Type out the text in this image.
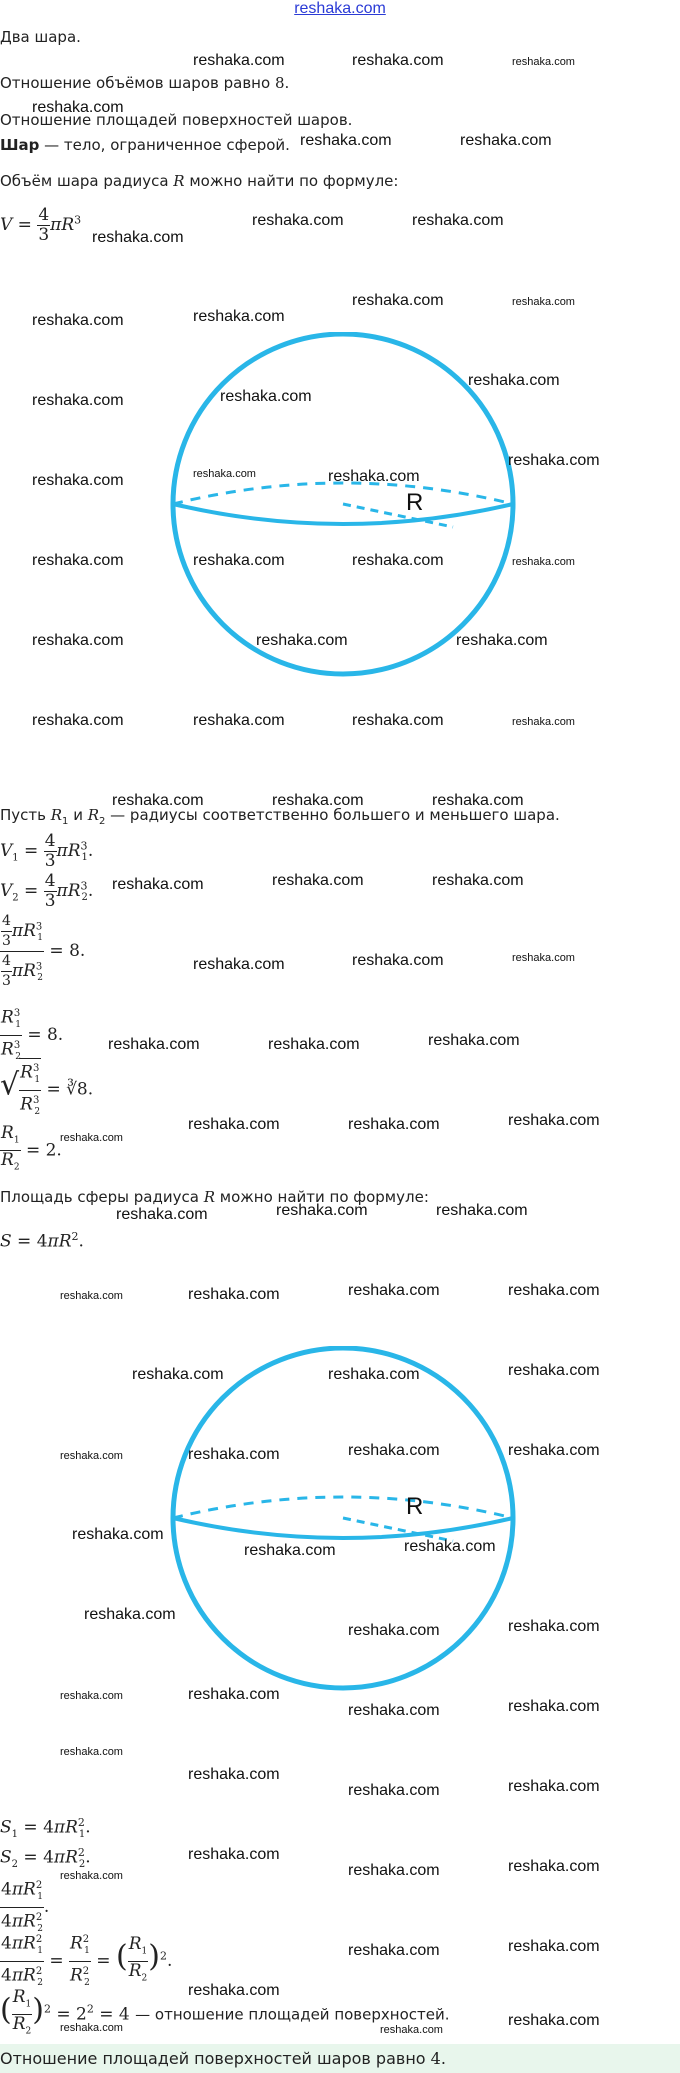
reshaka.com
Два шара.
Отношение объёмов шаров равно 8.
Отношение площадей поверхностей шаров.
Шар — тело, ограниченное сферой.
Объём шара радиуса R можно найти по формуле:
$V = \frac{4}{3} \pi R^3$
R
Пусть $R_1$ и $R_2$ — радиусы соответственно большего и меньшего шара.
$V_1 = \frac{4}{3} \pi R^3_1$.
$V_2 = \frac{4}{3} \pi R^3_2$.
$\frac{\frac{4}{3} \pi R^3_1}{\frac{4}{3} \pi R^3_2} = 8$.
$\frac{R^3_1}{R^3_2} = 8$.
√ $\frac{R^3_1}{R^3_2}$ = ∛8.
$\frac{R_1}{R_2} = 2$.
Площадь сферы радиуса R можно найти по формуле:
$S = 4\pi R^2$.
R
$S_1 = 4\pi R^2_1$.
$S_2 = 4\pi R^2_2$.
$\frac{4\pi R^2_1}{4\pi R^2_2}$ .
$\frac{4\pi R^2_1}{4\pi R^2_2} = \frac{R^2_1}{R^2_2}$ = ( $\frac{R_1}{R_2} )^2$.
( $\frac{R_1}{R_2} )^2 = 2^2 = 4$ — отношение площадей поверхностей.
Отношение площадей поверхностей шаров равно 4.
reshaka.com	reshaka.com	reshaka.com
reshaka.com
reshaka.com	reshaka.com
reshaka.com
reshaka.com	reshaka.com
reshaka.com	reshaka.com
reshaka.com	reshaka.com
reshaka.com	reshaka.com
reshaka.com
reshaka.com	reshaka.com	reshaka.com
reshaka.com
reshaka.com	reshaka.com	reshaka.com	reshaka.com
reshaka.com	reshaka.com	reshaka.com
reshaka.com	reshaka.com	reshaka.com	reshaka.com
reshaka.com	reshaka.com	reshaka.com
reshaka.com	reshaka.com	reshaka.com
reshaka.com	reshaka.com	reshaka.com
reshaka.com	reshaka.com	reshaka.com
reshaka.com
reshaka.com	reshaka.com	reshaka.com
reshaka.com	reshaka.com	reshaka.com
reshaka.com	reshaka.com	reshaka.com	reshaka.com
reshaka.com	reshaka.com	reshaka.com
reshaka.com	reshaka.com	reshaka.com	reshaka.com
reshaka.com
reshaka.com	reshaka.com
reshaka.com
reshaka.com	reshaka.com
reshaka.com	reshaka.com
reshaka.com	reshaka.com
reshaka.com
reshaka.com
reshaka.com	reshaka.com
reshaka.com
reshaka.com	reshaka.com
reshaka.com
reshaka.com	reshaka.com
reshaka.com
reshaka.com
reshaka.com	reshaka.com
